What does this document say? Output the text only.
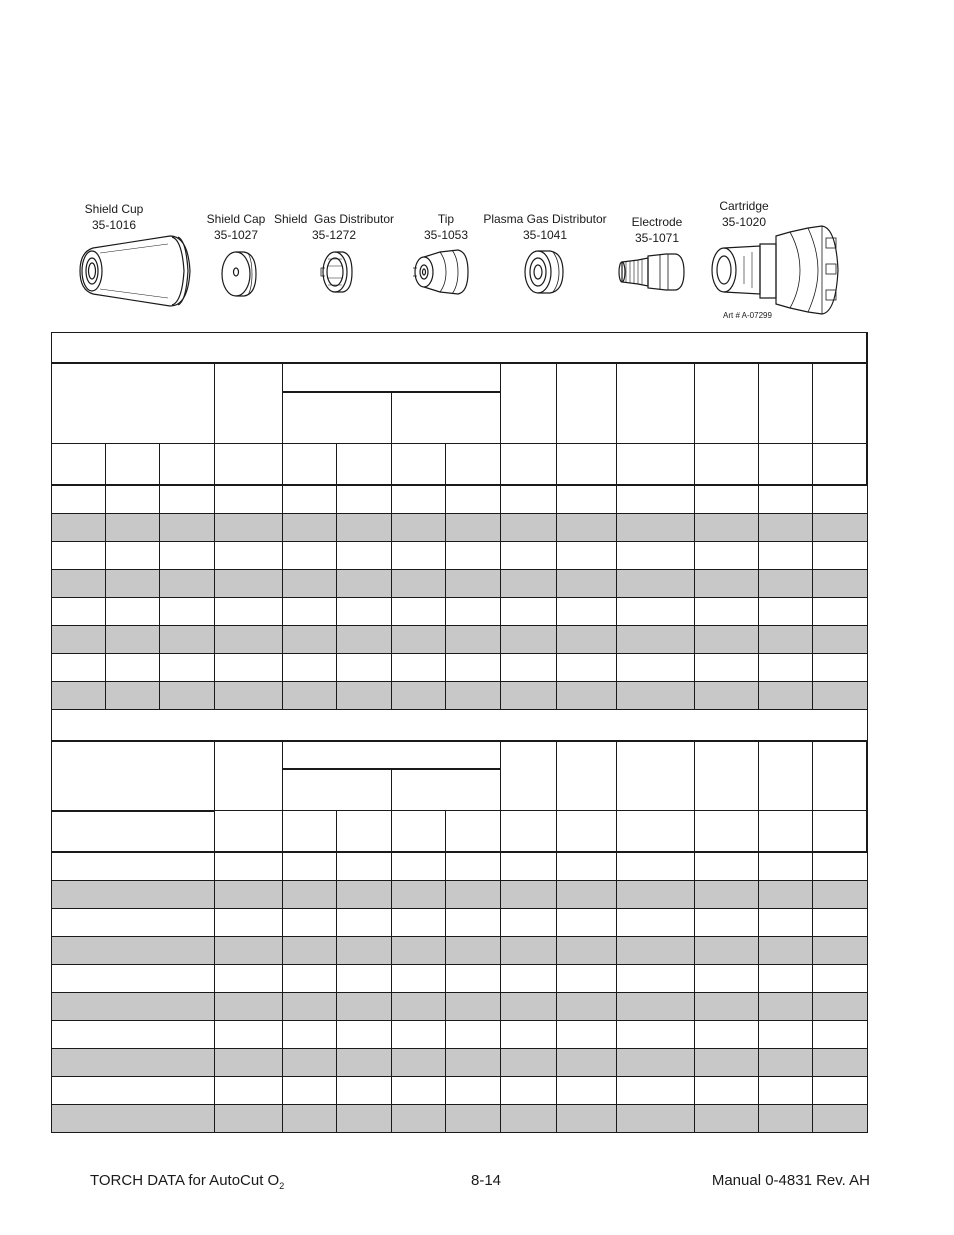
Shield Cup
35-1016	Shield Cap
35-1027
Shield  Gas Distributor
35-1272
Tip
35-1053
Plasma Gas Distributor
35-1041
Electrode
35-1071
Cartridge
35-1020
Art # A-07299
TORCH DATA for AutoCut $O_2$	8-14	Manual 0-4831 Rev. AH
